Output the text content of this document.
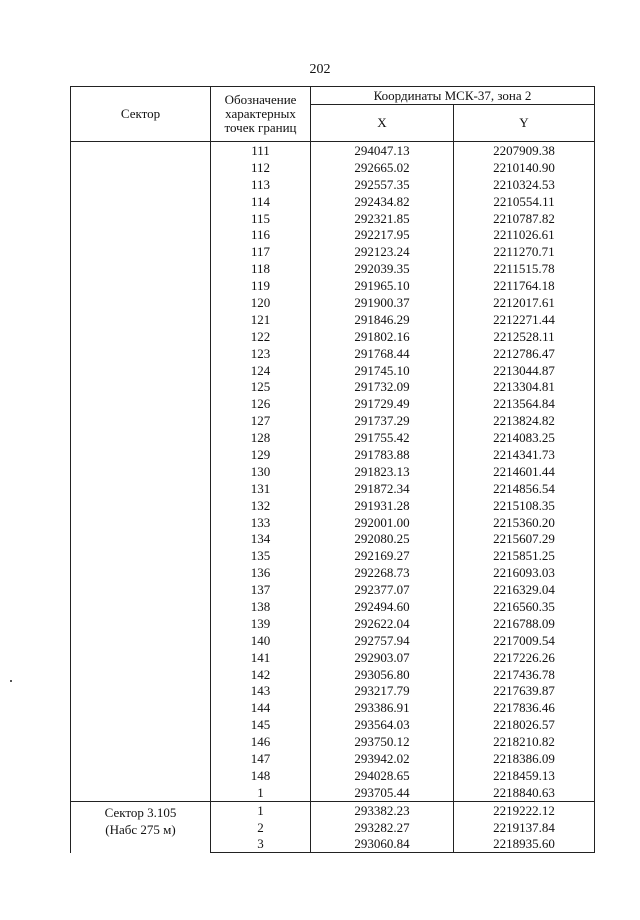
202
Сектор	Обозначение характерных точек границ	Координаты МСК-37, зона 2	
		X	Y
	111	294047.13	2207909.38
	112	292665.02	2210140.90
	113	292557.35	2210324.53
	114	292434.82	2210554.11
	115	292321.85	2210787.82
	116	292217.95	2211026.61
	117	292123.24	2211270.71
	118	292039.35	2211515.78
	119	291965.10	2211764.18
	120	291900.37	2212017.61
	121	291846.29	2212271.44
	122	291802.16	2212528.11
	123	291768.44	2212786.47
	124	291745.10	2213044.87
	125	291732.09	2213304.81
	126	291729.49	2213564.84
	127	291737.29	2213824.82
	128	291755.42	2214083.25
	129	291783.88	2214341.73
	130	291823.13	2214601.44
	131	291872.34	2214856.54
	132	291931.28	2215108.35
	133	292001.00	2215360.20
	134	292080.25	2215607.29
	135	292169.27	2215851.25
	136	292268.73	2216093.03
	137	292377.07	2216329.04
	138	292494.60	2216560.35
	139	292622.04	2216788.09
	140	292757.94	2217009.54
	141	292903.07	2217226.26
	142	293056.80	2217436.78
	143	293217.79	2217639.87
	144	293386.91	2217836.46
	145	293564.03	2218026.57
	146	293750.12	2218210.82
	147	293942.02	2218386.09
	148	294028.65	2218459.13
	1	293705.44	2218840.63

Сектор 3.105
(Набс 275 м)	1	293382.23	2219222.12
	2	293282.27	2219137.84
	3	293060.84	2218935.60
